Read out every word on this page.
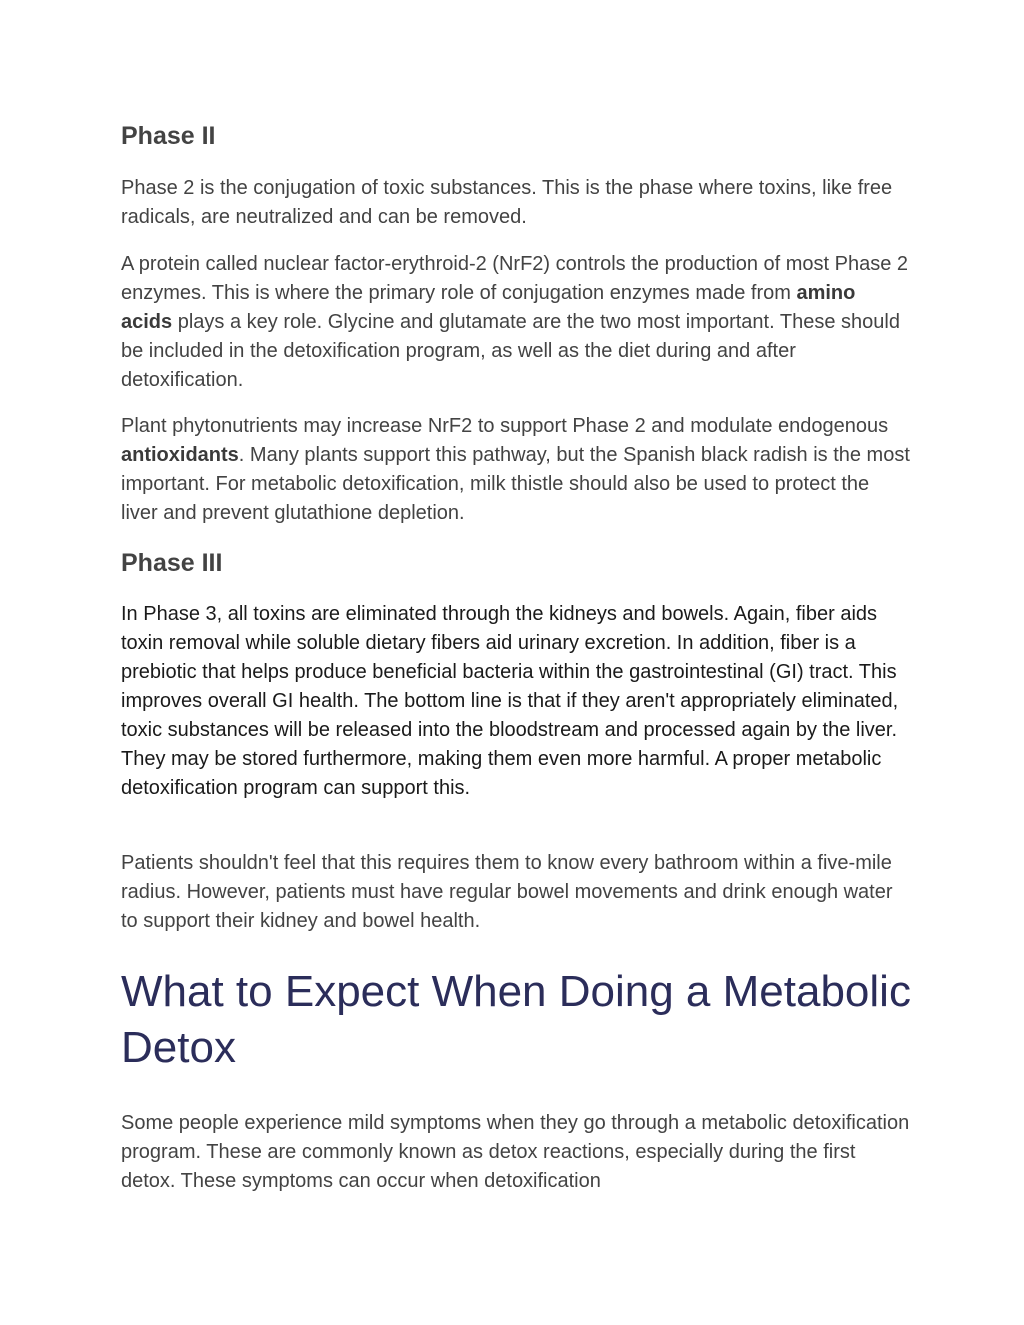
Phase II

Phase 2 is the conjugation of toxic substances. This is the phase where toxins, like free radicals, are neutralized and can be removed.

A protein called nuclear factor-erythroid-2 (NrF2) controls the production of most Phase 2 enzymes. This is where the primary role of conjugation enzymes made from amino acids plays a key role. Glycine and glutamate are the two most important. These should be included in the detoxification program, as well as the diet during and after detoxification.

Plant phytonutrients may increase NrF2 to support Phase 2 and modulate endogenous antioxidants. Many plants support this pathway, but the Spanish black radish is the most important. For metabolic detoxification, milk thistle should also be used to protect the liver and prevent glutathione depletion.

Phase III

In Phase 3, all toxins are eliminated through the kidneys and bowels. Again, fiber aids toxin removal while soluble dietary fibers aid urinary excretion. In addition, fiber is a prebiotic that helps produce beneficial bacteria within the gastrointestinal (GI) tract. This improves overall GI health. The bottom line is that if they aren't appropriately eliminated, toxic substances will be released into the bloodstream and processed again by the liver. They may be stored furthermore, making them even more harmful. A proper metabolic detoxification program can support this.

Patients shouldn't feel that this requires them to know every bathroom within a five-mile radius. However, patients must have regular bowel movements and drink enough water to support their kidney and bowel health.

What to Expect When Doing a Metabolic Detox

Some people experience mild symptoms when they go through a metabolic detoxification program. These are commonly known as detox reactions, especially during the first detox. These symptoms can occur when detoxification
